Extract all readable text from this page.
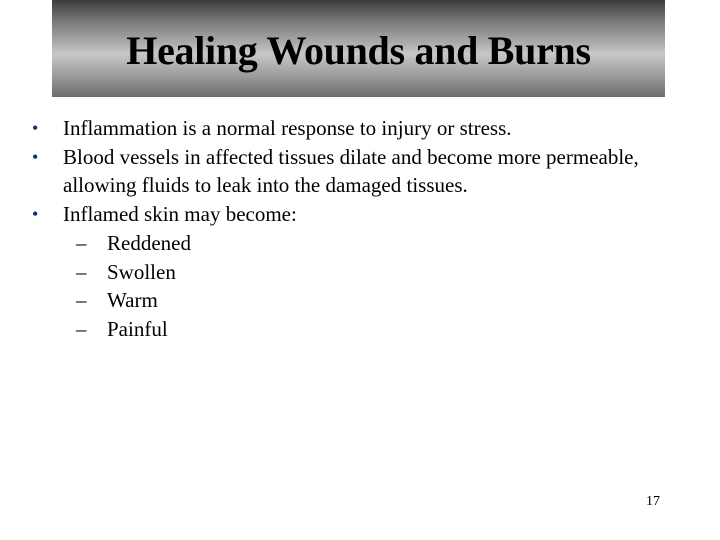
Healing Wounds and Burns
• Inflammation is a normal response to injury or stress.
• Blood vessels in affected tissues dilate and become more permeable, allowing fluids to leak into the damaged tissues.
• Inflamed skin may become:
– Reddened
– Swollen
– Warm
– Painful
17
